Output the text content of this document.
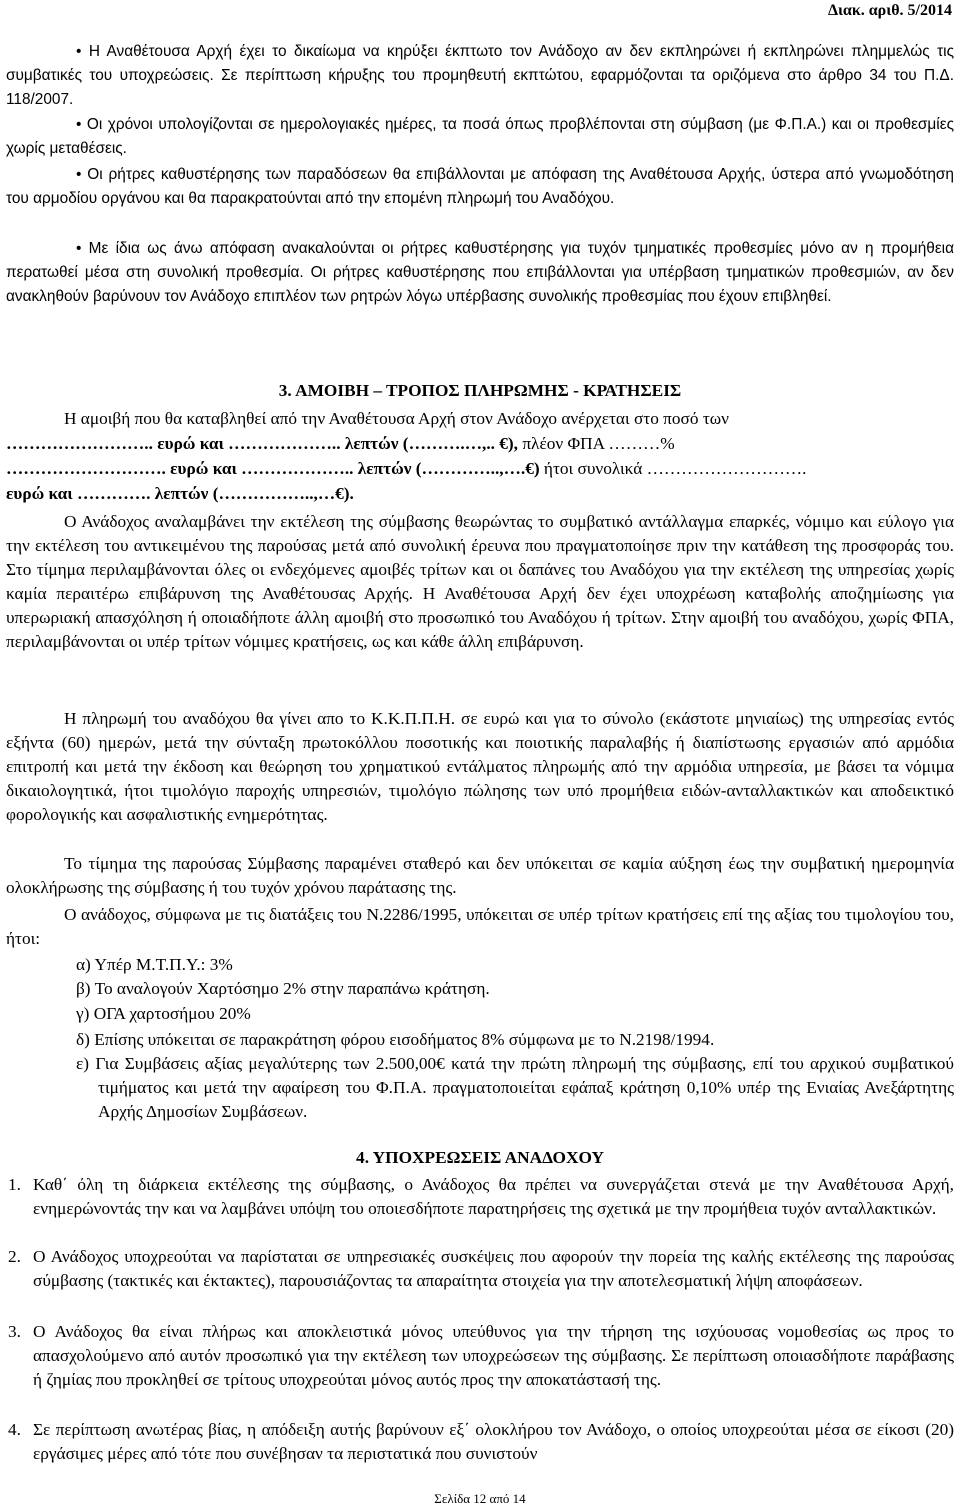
Διακ. αριθ. 5/2014

• Η Αναθέτουσα Αρχή έχει το δικαίωμα να κηρύξει έκπτωτο τον Ανάδοχο αν δεν εκπληρώνει ή εκπληρώνει πλημμελώς τις συμβατικές του υποχρεώσεις. Σε περίπτωση κήρυξης του προμηθευτή εκπτώτου, εφαρμόζονται τα οριζόμενα στο άρθρο 34 του Π.Δ. 118/2007.

• Οι χρόνοι υπολογίζονται σε ημερολογιακές ημέρες, τα ποσά όπως προβλέπονται στη σύμβαση (με Φ.Π.Α.) και οι προθεσμίες χωρίς μεταθέσεις.

• Οι ρήτρες καθυστέρησης των παραδόσεων θα επιβάλλονται με απόφαση της Αναθέτουσα Αρχής, ύστερα από γνωμοδότηση του αρμοδίου οργάνου και θα παρακρατούνται από την επομένη πληρωμή του Αναδόχου.

• Με ίδια ως άνω απόφαση ανακαλούνται οι ρήτρες καθυστέρησης για τυχόν τμηματικές προθεσμίες μόνο αν η προμήθεια περατωθεί μέσα στη συνολική προθεσμία. Οι ρήτρες καθυστέρησης που επιβάλλονται για υπέρβαση τμηματικών προθεσμιών, αν δεν ανακληθούν βαρύνουν τον Ανάδοχο επιπλέον των ρητρών λόγω υπέρβασης συνολικής προθεσμίας που έχουν επιβληθεί.

3. ΑΜΟΙΒΗ – ΤΡΟΠΟΣ ΠΛΗΡΩΜΗΣ - ΚΡΑΤΗΣΕΙΣ

Η αμοιβή που θα καταβληθεί από την Αναθέτουσα Αρχή στον Ανάδοχο ανέρχεται στο ποσό των

…………………….. ευρώ και ……………….. λεπτών (……….…,.. €), πλέον ΦΠΑ ………%

………………………. ευρώ και ……………….. λεπτών (…………..,….€) ήτοι συνολικά ……………………….

ευρώ και …………. λεπτών (……………..,…€).

Ο Ανάδοχος αναλαμβάνει την εκτέλεση της σύμβασης θεωρώντας το συμβατικό αντάλλαγμα επαρκές, νόμιμο και εύλογο για την εκτέλεση του αντικειμένου της παρούσας μετά από συνολική έρευνα που πραγματοποίησε πριν την κατάθεση της προσφοράς του. Στο τίμημα περιλαμβάνονται όλες οι ενδεχόμενες αμοιβές τρίτων και οι δαπάνες του Αναδόχου για την εκτέλεση της υπηρεσίας χωρίς καμία περαιτέρω επιβάρυνση της Αναθέτουσας Αρχής. Η Αναθέτουσα Αρχή δεν έχει υποχρέωση καταβολής αποζημίωσης για υπερωριακή απασχόληση ή οποιαδήποτε άλλη αμοιβή στο προσωπικό του Αναδόχου ή τρίτων. Στην αμοιβή του αναδόχου, χωρίς ΦΠΑ, περιλαμβάνονται οι υπέρ τρίτων νόμιμες κρατήσεις, ως και κάθε άλλη επιβάρυνση.

Η πληρωμή του αναδόχου θα γίνει απο το Κ.Κ.Π.Π.Η. σε ευρώ και για το σύνολο (εκάστοτε μηνιαίως) της υπηρεσίας εντός εξήντα (60) ημερών, μετά την σύνταξη πρωτοκόλλου ποσοτικής και ποιοτικής παραλαβής ή διαπίστωσης εργασιών από αρμόδια επιτροπή και μετά την έκδοση και θεώρηση του χρηματικού εντάλματος πληρωμής από την αρμόδια υπηρεσία, με βάσει τα νόμιμα δικαιολογητικά, ήτοι τιμολόγιο παροχής υπηρεσιών, τιμολόγιο πώλησης των υπό προμήθεια ειδών-ανταλλακτικών και αποδεικτικό φορολογικής και ασφαλιστικής ενημερότητας.

Το τίμημα της παρούσας Σύμβασης παραμένει σταθερό και δεν υπόκειται σε καμία αύξηση έως την συμβατική ημερομηνία ολοκλήρωσης της σύμβασης ή του τυχόν χρόνου παράτασης της.

Ο ανάδοχος, σύμφωνα με τις διατάξεις του Ν.2286/1995, υπόκειται σε υπέρ τρίτων κρατήσεις επί της αξίας του τιμολογίου του, ήτοι:

α) Υπέρ Μ.Τ.Π.Υ.: 3%

β) Το αναλογούν Χαρτόσημο 2% στην παραπάνω κράτηση.

γ) ΟΓΑ χαρτοσήμου 20%

δ) Επίσης υπόκειται σε παρακράτηση φόρου εισοδήματος 8% σύμφωνα με το Ν.2198/1994.

ε) Για Συμβάσεις αξίας μεγαλύτερης των 2.500,00€ κατά την πρώτη πληρωμή της σύμβασης, επί του αρχικού συμβατικού τιμήματος και μετά την αφαίρεση του Φ.Π.Α. πραγματοποιείται εφάπαξ κράτηση 0,10% υπέρ της Ενιαίας Ανεξάρτητης Αρχής Δημοσίων Συμβάσεων.

4. ΥΠΟΧΡΕΩΣΕΙΣ ΑΝΑΔΟΧΟΥ
1. Καθ΄ όλη τη διάρκεια εκτέλεσης της σύμβασης, ο Ανάδοχος θα πρέπει να συνεργάζεται στενά με την Αναθέτουσα Αρχή, ενημερώνοντάς την και να λαμβάνει υπόψη του οποιεσδήποτε παρατηρήσεις της σχετικά με την προμήθεια τυχόν ανταλλακτικών.

2. Ο Ανάδοχος υποχρεούται να παρίσταται σε υπηρεσιακές συσκέψεις που αφορούν την πορεία της καλής εκτέλεσης της παρούσας σύμβασης (τακτικές και έκτακτες), παρουσιάζοντας τα απαραίτητα στοιχεία για την αποτελεσματική λήψη αποφάσεων.

3. Ο Ανάδοχος θα είναι πλήρως και αποκλειστικά μόνος υπεύθυνος για την τήρηση της ισχύουσας νομοθεσίας ως προς το απασχολούμενο από αυτόν προσωπικό για την εκτέλεση των υποχρεώσεων της σύμβασης. Σε περίπτωση οποιασδήποτε παράβασης ή ζημίας που προκληθεί σε τρίτους υποχρεούται μόνος αυτός προς την αποκατάστασή της.

4. Σε περίπτωση ανωτέρας βίας, η απόδειξη αυτής βαρύνουν εξ΄ ολοκλήρου τον Ανάδοχο, ο οποίος υποχρεούται μέσα σε είκοσι (20) εργάσιμες μέρες από τότε που συνέβησαν τα περιστατικά που συνιστούν

Σελίδα 12 από 14
